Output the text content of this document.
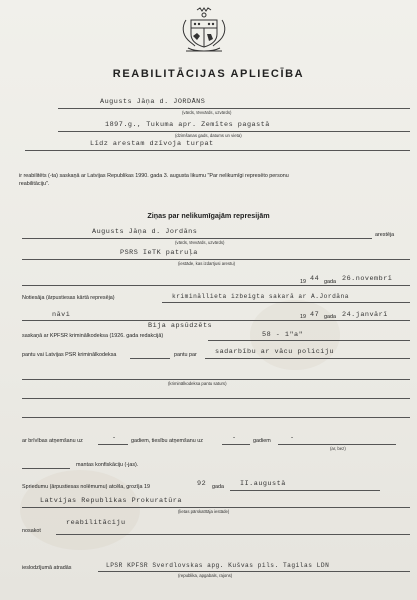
REABILITĀCIJAS APLIECĪBA
Augusts Jāņa d. JORDĀNS
(vārds, tēvvārds, uzvārds)
1897.g., Tukuma apr. Zemītes pagastā
(dzimšanas gads, datums un vieta)
Līdz arestam dzīvoja turpat
ir reabilitēts (-ta) saskaņā ar Latvijas Republikas 1990. gada 3. augusta likumu "Par nelikumīgi represēto personu
reabilitāciju".
Ziņas par nelikumīgajām represijām
Augusts Jāņa d. Jordāns	arestēja
(vārds, tēvvārds, uzvārds)
PSRS IeTK patruļa
(iestāde, kas izdarījusi arestu)
19 44 gada 26.novembrī
Notiesāja (ārpustiesas kārtā represēja)	krimināllieta izbeigta sakarā ar A.Jordāna
nāvi	19 47 gada 24.janvārī
Bija apsūdzēts
saskaņā ar KPFSR kriminālkodeksa (1926. gada redakcijā)	58 - 1"a"
pantu vai Latvijas PSR kriminālkodeksa	pantu par	sadarbību ar vācu policiju
(kriminālkodeksa pantu saturs)
ar brīvības atņemšanu uz	-	gadiem, tiesību atņemšanu uz	-	gadiem	-
(ar, bez)
mantas konfiskāciju (-jas).
Spriedumu (ārpustiesas nolēmumu) atcēla, grozīja 19	92 gada II.augustā
Latvijas Republikas Prokuratūra
(lietas pārskatītāja iestāde)
nosakot
reabilitāciju
ieslodzījumā atradās	LPSR KPFSR Sverdlovskas apg. Kušvas pils. Tagilas LDN
(republika, apgabals, rajons)
